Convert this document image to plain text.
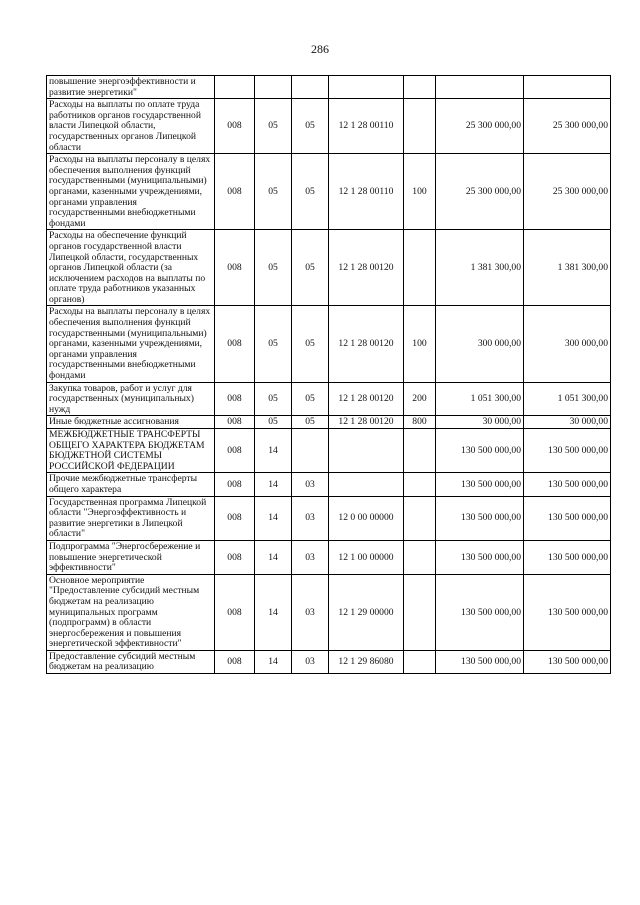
286
повышение энергоэффективности и развитие энергетики"							
Расходы на выплаты по оплате труда работников органов государственной власти Липецкой области, государственных органов Липецкой области	008	05	05	12 1 28 00110		25 300 000,00	25 300 000,00
Расходы на выплаты персоналу в целях обеспечения выполнения функций государственными (муниципальными) органами, казенными учреждениями, органами управления государственными внебюджетными фондами	008	05	05	12 1 28 00110	100	25 300 000,00	25 300 000,00
Расходы на обеспечение функций органов государственной власти Липецкой области, государственных органов Липецкой области (за исключением расходов на выплаты по оплате труда работников указанных органов)	008	05	05	12 1 28 00120		1 381 300,00	1 381 300,00
Расходы на выплаты персоналу в целях обеспечения выполнения функций государственными (муниципальными) органами, казенными учреждениями, органами управления государственными внебюджетными фондами	008	05	05	12 1 28 00120	100	300 000,00	300 000,00
Закупка товаров, работ и услуг для государственных (муниципальных) нужд	008	05	05	12 1 28 00120	200	1 051 300,00	1 051 300,00
Иные бюджетные ассигнования	008	05	05	12 1 28 00120	800	30 000,00	30 000,00
МЕЖБЮДЖЕТНЫЕ ТРАНСФЕРТЫ ОБЩЕГО ХАРАКТЕРА БЮДЖЕТАМ БЮДЖЕТНОЙ СИСТЕМЫ РОССИЙСКОЙ ФЕДЕРАЦИИ	008	14				130 500 000,00	130 500 000,00
Прочие межбюджетные трансферты общего характера	008	14	03			130 500 000,00	130 500 000,00
Государственная программа Липецкой области "Энергоэффективность и развитие энергетики в Липецкой области"	008	14	03	12 0 00 00000		130 500 000,00	130 500 000,00
Подпрограмма "Энергосбережение и повышение энергетической эффективности"	008	14	03	12 1 00 00000		130 500 000,00	130 500 000,00
Основное мероприятие "Предоставление субсидий местным бюджетам на реализацию муниципальных программ (подпрограмм) в области энергосбережения и повышения энергетической эффективности"	008	14	03	12 1 29 00000		130 500 000,00	130 500 000,00
Предоставление субсидий местным бюджетам на реализацию	008	14	03	12 1 29 86080		130 500 000,00	130 500 000,00
